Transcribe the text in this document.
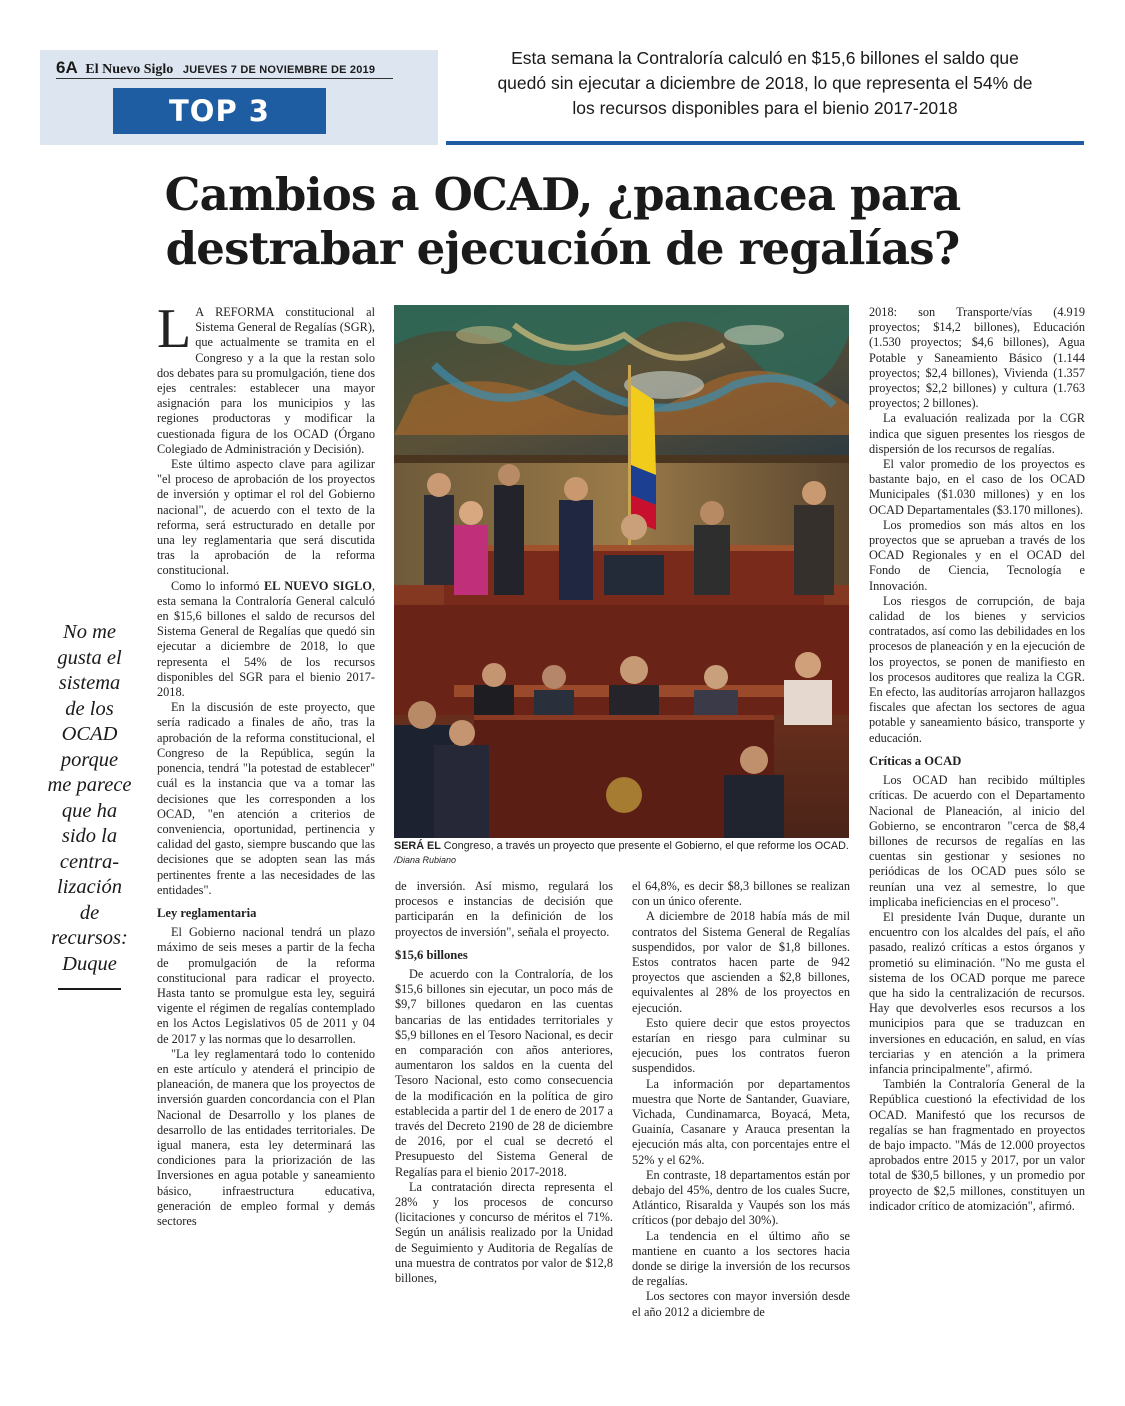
6A El Nuevo Siglo JUEVES 7 DE NOVIEMBRE DE 2019
TOP 3
Esta semana la Contraloría calculó en $15,6 billones el saldo que
quedó sin ejecutar a diciembre de 2018, lo que representa el 54% de
los recursos disponibles para el bienio 2017-2018
Cambios a OCAD, ¿panacea para
destrabar ejecución de regalías?

L A REFORMA constitucional al Sistema General de Regalías (SGR), que actualmente se tramita en el Congreso y a la que la restan solo dos debates para su promulgación, tiene dos ejes centrales: establecer una mayor asignación para los municipios y las regiones productoras y modificar la cuestionada figura de los OCAD (Órgano Colegiado de Administración y Decisión).

Este último aspecto clave para agilizar "el proceso de aprobación de los proyectos de inversión y optimar el rol del Gobierno nacional", de acuerdo con el texto de la reforma, será estructurado en detalle por una ley reglamentaria que será discutida tras la aprobación de la reforma constitucional.

Como lo informó EL NUEVO SIGLO, esta semana la Contraloría General calculó en $15,6 billones el saldo de recursos del Sistema General de Regalías que quedó sin ejecutar a diciembre de 2018, lo que representa el 54% de los recursos disponibles del SGR para el bienio 2017-2018.

En la discusión de este proyecto, que sería radicado a finales de año, tras la aprobación de la reforma constitucional, el Congreso de la República, según la ponencia, tendrá "la potestad de establecer" cuál es la instancia que va a tomar las decisiones que les corresponden a los OCAD, "en atención a criterios de conveniencia, oportunidad, pertinencia y calidad del gasto, siempre buscando que las decisiones que se adopten sean las más pertinentes frente a las necesidades de las entidades".

Ley reglamentaria

El Gobierno nacional tendrá un plazo máximo de seis meses a partir de la fecha de promulgación de la reforma constitucional para radicar el proyecto. Hasta tanto se promulgue esta ley, seguirá vigente el régimen de regalías contemplado en los Actos Legislativos 05 de 2011 y 04 de 2017 y las normas que lo desarrollen.

"La ley reglamentará todo lo contenido en este artículo y atenderá el principio de planeación, de manera que los proyectos de inversión guarden concordancia con el Plan Nacional de Desarrollo y los planes de desarrollo de las entidades territoriales. De igual manera, esta ley determinará las condiciones para la priorización de las Inversiones en agua potable y saneamiento básico, infraestructura educativa, generación de empleo formal y demás sectores

No me
gusta el
sistema
de los
OCAD
porque
me parece
que ha
sido la
centra-
lización
de
recursos:
Duque
SERÁ EL Congreso, a través un proyecto que presente el Gobierno, el que reforme los OCAD. /Diana Rubiano

de inversión. Así mismo, regulará los procesos e instancias de decisión que participarán en la definición de los proyectos de inversión", señala el proyecto.

$15,6 billones

De acuerdo con la Contraloría, de los $15,6 billones sin ejecutar, un poco más de $9,7 billones quedaron en las cuentas bancarias de las entidades territoriales y $5,9 billones en el Tesoro Nacional, es decir en comparación con años anteriores, aumentaron los saldos en la cuenta del Tesoro Nacional, esto como consecuencia de la modificación en la política de giro establecida a partir del 1 de enero de 2017 a través del Decreto 2190 de 28 de diciembre de 2016, por el cual se decretó el Presupuesto del Sistema General de Regalías para el bienio 2017-2018.

La contratación directa representa el 28% y los procesos de concurso (licitaciones y concurso de méritos el 71%. Según un análisis realizado por la Unidad de Seguimiento y Auditoria de Regalías de una muestra de contratos por valor de $12,8 billones,

el 64,8%, es decir $8,3 billones se realizan con un único oferente.

A diciembre de 2018 había más de mil contratos del Sistema General de Regalías suspendidos, por valor de $1,8 billones. Estos contratos hacen parte de 942 proyectos que ascienden a $2,8 billones, equivalentes al 28% de los proyectos en ejecución.

Esto quiere decir que estos proyectos estarían en riesgo para culminar su ejecución, pues los contratos fueron suspendidos.

La información por departamentos muestra que Norte de Santander, Guaviare, Vichada, Cundinamarca, Boyacá, Meta, Guainía, Casanare y Arauca presentan la ejecución más alta, con porcentajes entre el 52% y el 62%.

En contraste, 18 departamentos están por debajo del 45%, dentro de los cuales Sucre, Atlántico, Risaralda y Vaupés son los más críticos (por debajo del 30%).

La tendencia en el último año se mantiene en cuanto a los sectores hacia donde se dirige la inversión de los recursos de regalías.

Los sectores con mayor inversión desde el año 2012 a diciembre de

2018: son Transporte/vías (4.919 proyectos; $14,2 billones), Educación (1.530 proyectos; $4,6 billones), Agua Potable y Saneamiento Básico (1.144 proyectos; $2,4 billones), Vivienda (1.357 proyectos; $2,2 billones) y cultura (1.763 proyectos; 2 billones).

La evaluación realizada por la CGR indica que siguen presentes los riesgos de dispersión de los recursos de regalías.

El valor promedio de los proyectos es bastante bajo, en el caso de los OCAD Municipales ($1.030 millones) y en los OCAD Departamentales ($3.170 millones).

Los promedios son más altos en los proyectos que se aprueban a través de los OCAD Regionales y en el OCAD del Fondo de Ciencia, Tecnología e Innovación.

Los riesgos de corrupción, de baja calidad de los bienes y servicios contratados, así como las debilidades en los procesos de planeación y en la ejecución de los proyectos, se ponen de manifiesto en los procesos auditores que realiza la CGR. En efecto, las auditorías arrojaron hallazgos fiscales que afectan los sectores de agua potable y saneamiento básico, transporte y educación.

Críticas a OCAD

Los OCAD han recibido múltiples críticas. De acuerdo con el Departamento Nacional de Planeación, al inicio del Gobierno, se encontraron "cerca de $8,4 billones de recursos de regalías en las cuentas sin gestionar y sesiones no periódicas de los OCAD pues sólo se reunían una vez al semestre, lo que implicaba ineficiencias en el proceso".

El presidente Iván Duque, durante un encuentro con los alcaldes del país, el año pasado, realizó críticas a estos órganos y prometió su eliminación. "No me gusta el sistema de los OCAD porque me parece que ha sido la centralización de recursos. Hay que devolverles esos recursos a los municipios para que se traduzcan en inversiones en educación, en salud, en vías terciarias y en atención a la primera infancia principalmente", afirmó.

También la Contraloría General de la República cuestionó la efectividad de los OCAD. Manifestó que los recursos de regalías se han fragmentado en proyectos de bajo impacto. "Más de 12.000 proyectos aprobados entre 2015 y 2017, por un valor total de $30,5 billones, y un promedio por proyecto de $2,5 millones, constituyen un indicador crítico de atomización", afirmó.
